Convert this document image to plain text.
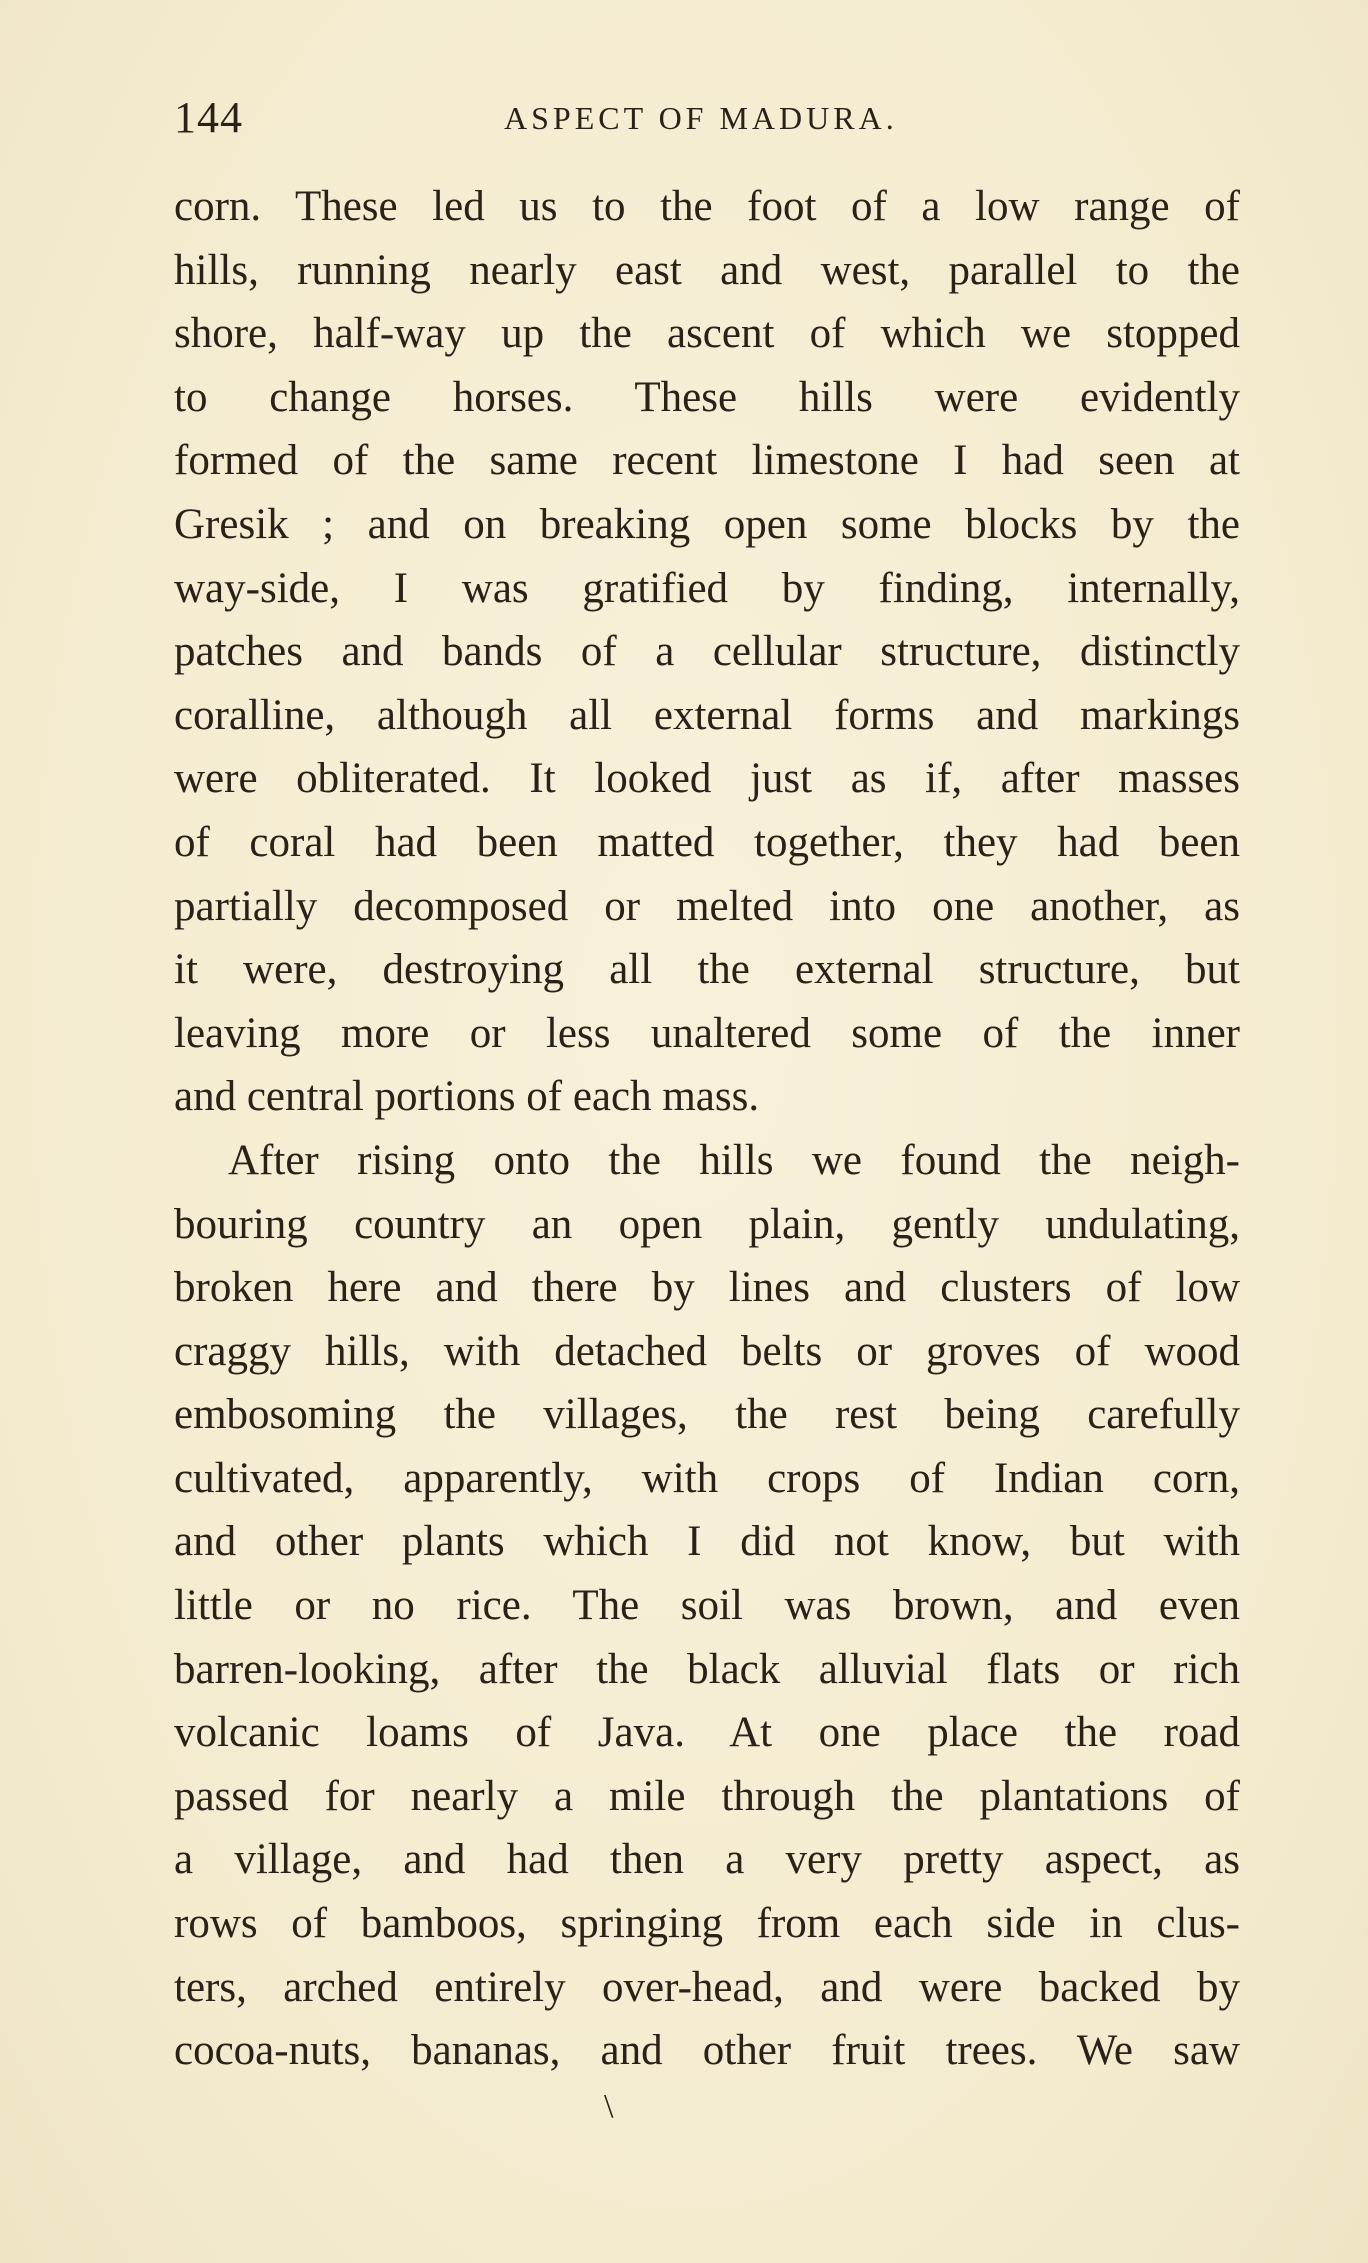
144	ASPECT OF MADURA.
corn. These led us to the foot of a low range of
hills, running nearly east and west, parallel to the
shore, half-way up the ascent of which we stopped
to change horses. These hills were evidently
formed of the same recent limestone I had seen at
Gresik ; and on breaking open some blocks by the
way-side, I was gratified by finding, internally,
patches and bands of a cellular structure, distinctly
coralline, although all external forms and markings
were obliterated. It looked just as if, after masses
of coral had been matted together, they had been
partially decomposed or melted into one another, as
it were, destroying all the external structure, but
leaving more or less unaltered some of the inner
and central portions of each mass.
After rising onto the hills we found the neigh-
bouring country an open plain, gently undulating,
broken here and there by lines and clusters of low
craggy hills, with detached belts or groves of wood
embosoming the villages, the rest being carefully
cultivated, apparently, with crops of Indian corn,
and other plants which I did not know, but with
little or no rice. The soil was brown, and even
barren-looking, after the black alluvial flats or rich
volcanic loams of Java. At one place the road
passed for nearly a mile through the plantations of
a village, and had then a very pretty aspect, as
rows of bamboos, springing from each side in clus-
ters, arched entirely over-head, and were backed by
cocoa-nuts, bananas, and other fruit trees. We saw
\
